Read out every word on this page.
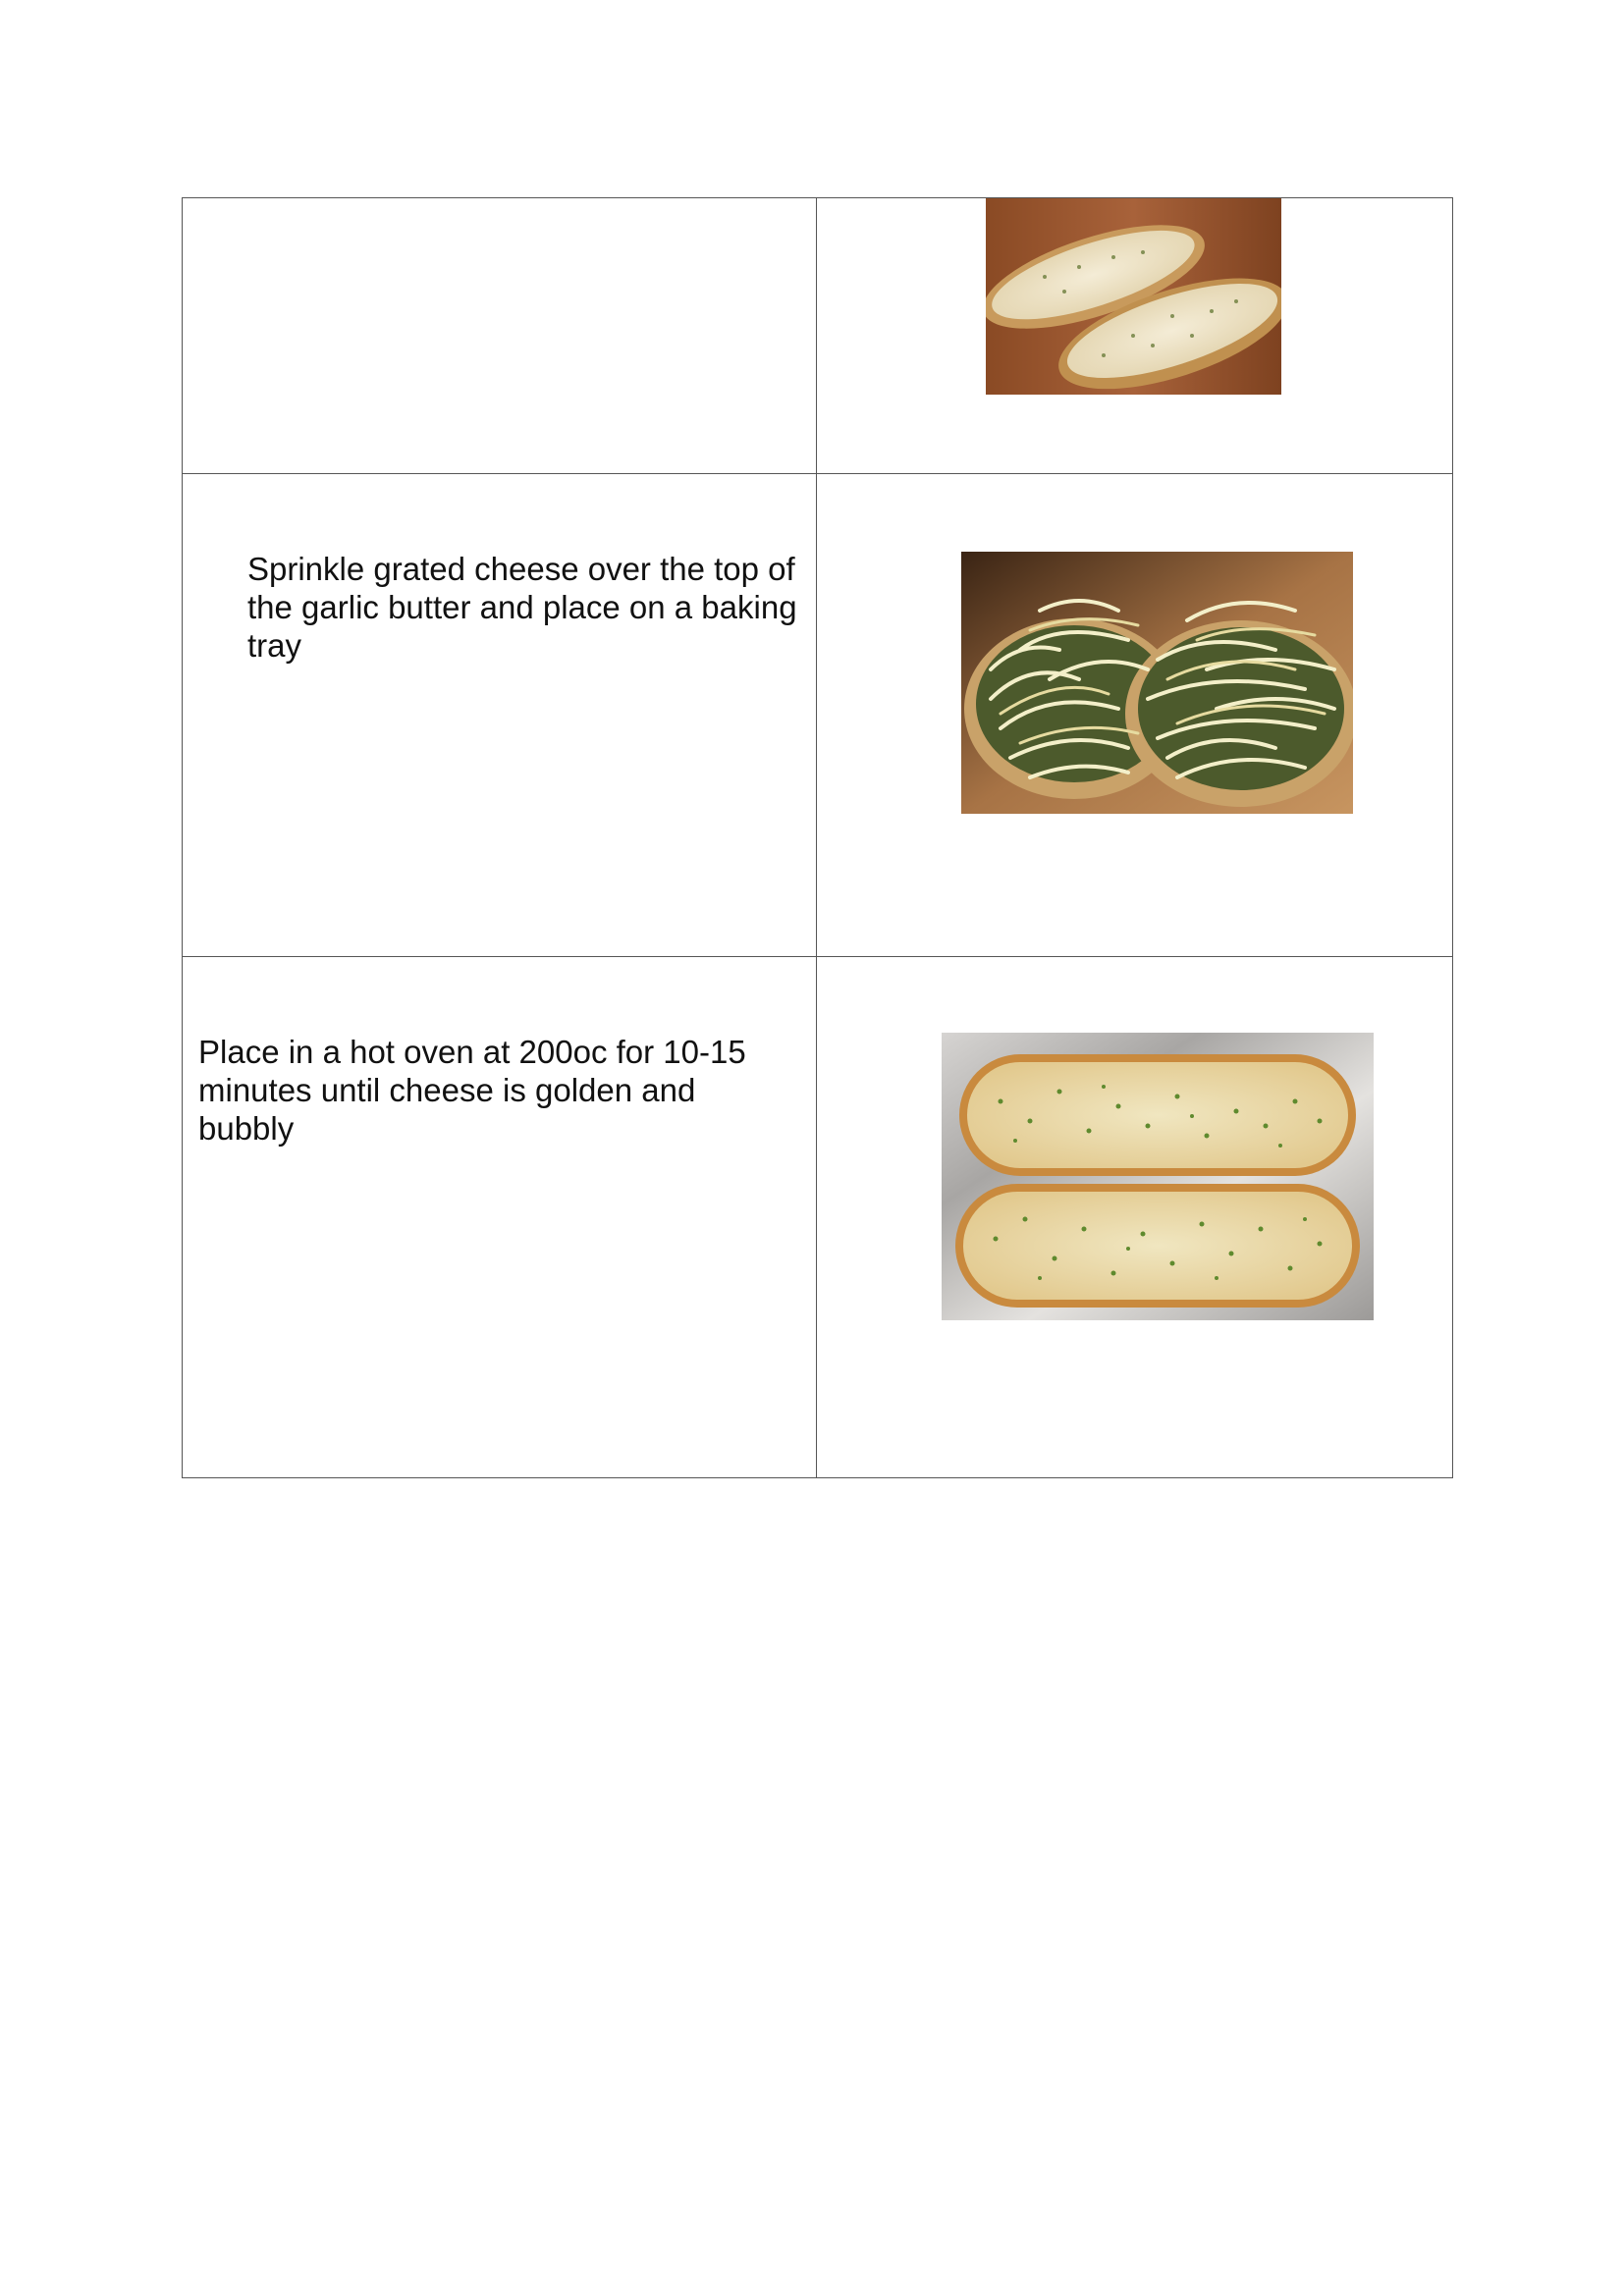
Sprinkle grated cheese over the top of the garlic butter and place on a baking tray

Place in a hot oven at 200oc for 10-15 minutes until cheese is golden and bubbly
